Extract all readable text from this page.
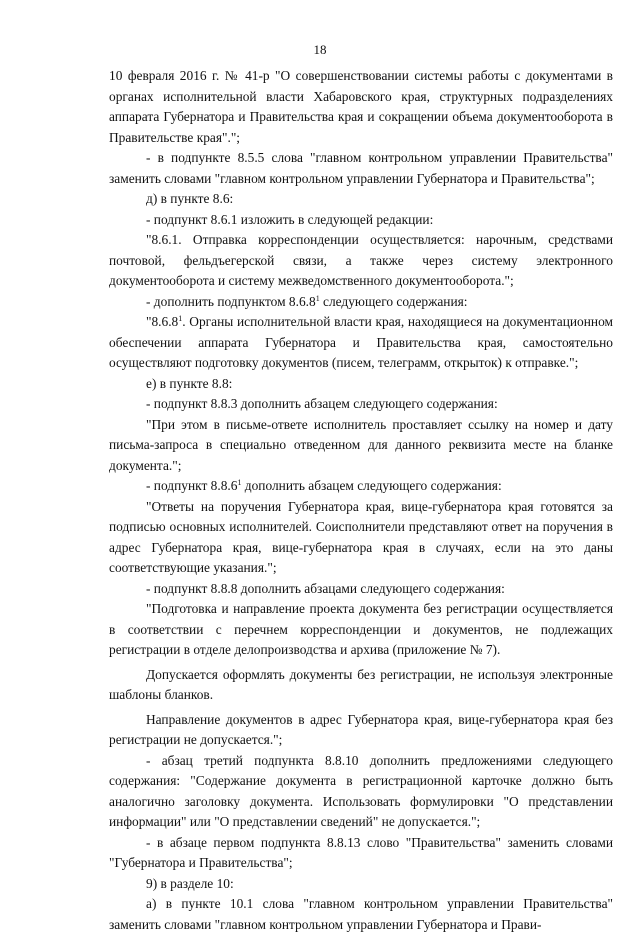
18

10 февраля 2016 г. № 41-р "О совершенствовании системы работы с документами в органах исполнительной власти Хабаровского края, структурных подразделениях аппарата Губернатора и Правительства края и сокращении объема документооборота в Правительстве края".";

- в подпункте 8.5.5 слова "главном контрольном управлении Правительства" заменить словами "главном контрольном управлении Губернатора и Правительства";

д) в пункте 8.6:

- подпункт 8.6.1 изложить в следующей редакции:

"8.6.1. Отправка корреспонденции осуществляется: нарочным, средствами почтовой, фельдъегерской связи, а также через систему электронного документооборота и систему межведомственного документооборота.";

- дополнить подпунктом 8.6.8$^1$ следующего содержания:

"8.6.8$^1$. Органы исполнительной власти края, находящиеся на документационном обеспечении аппарата Губернатора и Правительства края, самостоятельно осуществляют подготовку документов (писем, телеграмм, открыток) к отправке.";

е) в пункте 8.8:

- подпункт 8.8.3 дополнить абзацем следующего содержания:

"При этом в письме-ответе исполнитель проставляет ссылку на номер и дату письма-запроса в специально отведенном для данного реквизита месте на бланке документа.";

- подпункт 8.8.6$^1$ дополнить абзацем следующего содержания:

"Ответы на поручения Губернатора края, вице-губернатора края готовятся за подписью основных исполнителей. Соисполнители представляют ответ на поручения в адрес Губернатора края, вице-губернатора края в случаях, если на это даны соответствующие указания.";

- подпункт 8.8.8 дополнить абзацами следующего содержания:

"Подготовка и направление проекта документа без регистрации осуществляется в соответствии с перечнем корреспонденции и документов, не подлежащих регистрации в отделе делопроизводства и архива (приложение № 7).

Допускается оформлять документы без регистрации, не используя электронные шаблоны бланков.

Направление документов в адрес Губернатора края, вице-губернатора края без регистрации не допускается.";

- абзац третий подпункта 8.8.10 дополнить предложениями следующего содержания: "Содержание документа в регистрационной карточке должно быть аналогично заголовку документа. Использовать формулировки "О представлении информации" или "О представлении сведений" не допускается.";

- в абзаце первом подпункта 8.8.13 слово "Правительства" заменить словами "Губернатора и Правительства";

9) в разделе 10:

а) в пункте 10.1 слова "главном контрольном управлении Правительства" заменить словами "главном контрольном управлении Губернатора и Прави-
